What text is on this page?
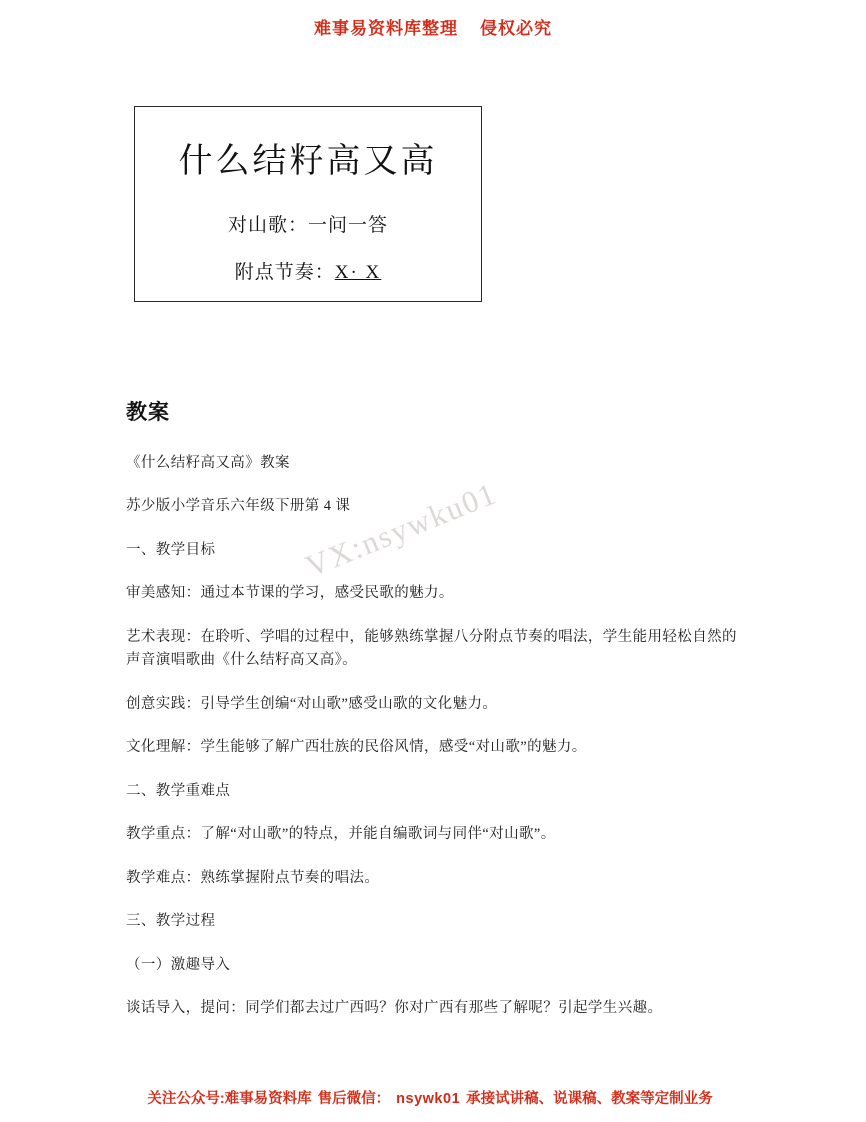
难事易资料库整理 侵权必究
什么结籽高又高
对山歌：一问一答
附点节奏：X· X
VX:nsywku01
教案

《什么结籽高又高》教案

苏少版小学音乐六年级下册第 4 课

一、教学目标

审美感知：通过本节课的学习，感受民歌的魅力。

艺术表现：在聆听、学唱的过程中，能够熟练掌握八分附点节奏的唱法，学生能用轻松自然的声音演唱歌曲《什么结籽高又高》。

创意实践：引导学生创编“对山歌”感受山歌的文化魅力。

文化理解：学生能够了解广西壮族的民俗风情，感受“对山歌”的魅力。

二、教学重难点

教学重点：了解“对山歌”的特点，并能自编歌词与同伴“对山歌”。

教学难点：熟练掌握附点节奏的唱法。

三、教学过程

（一）激趣导入

谈话导入，提问：同学们都去过广西吗？你对广西有那些了解呢？引起学生兴趣。

关注公众号:难事易资料库 售后微信： nsywk01 承接试讲稿、说课稿、教案等定制业务
